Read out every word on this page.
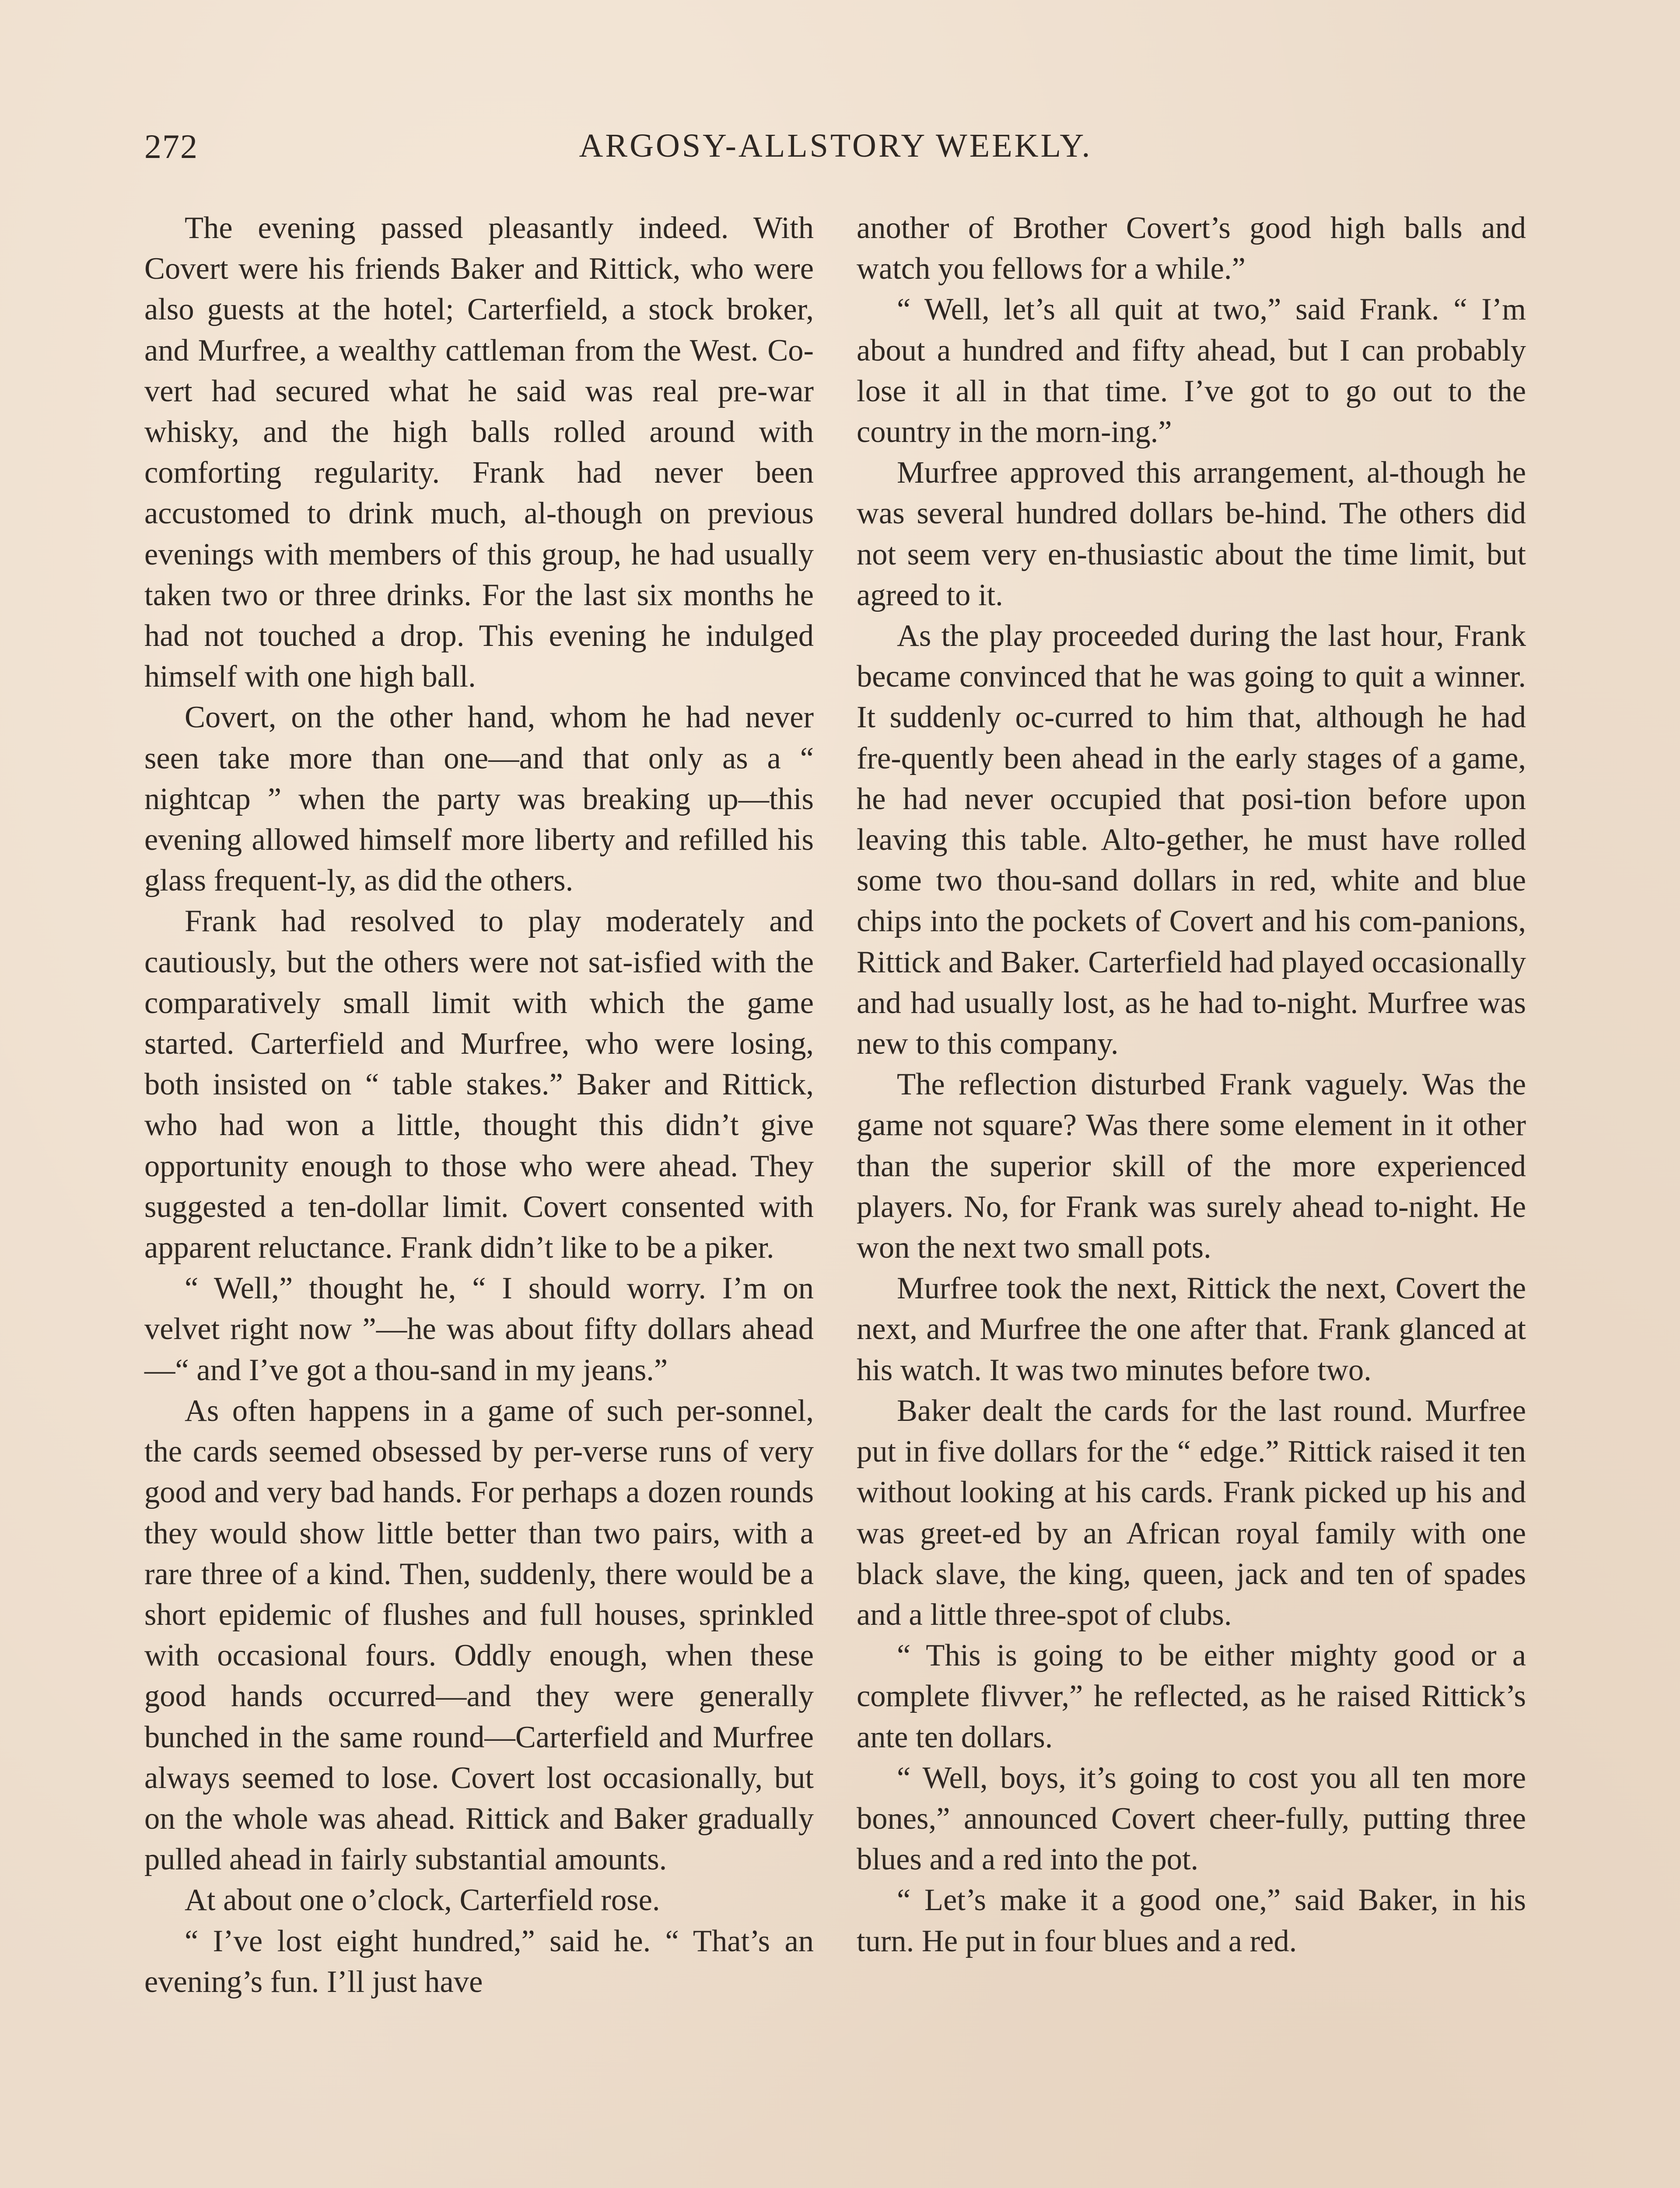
272	ARGOSY-ALLSTORY WEEKLY.

The evening passed pleasantly indeed. With Covert were his friends Baker and Rittick, who were also guests at the hotel; Carterfield, a stock broker, and Murfree, a wealthy cattleman from the West. Co-vert had secured what he said was real pre-war whisky, and the high balls rolled around with comforting regularity. Frank had never been accustomed to drink much, al-though on previous evenings with members of this group, he had usually taken two or three drinks. For the last six months he had not touched a drop. This evening he indulged himself with one high ball.

Covert, on the other hand, whom he had never seen take more than one—and that only as a “ nightcap ” when the party was breaking up—this evening allowed himself more liberty and refilled his glass frequent-ly, as did the others.

Frank had resolved to play moderately and cautiously, but the others were not sat-isfied with the comparatively small limit with which the game started. Carterfield and Murfree, who were losing, both insisted on “ table stakes.” Baker and Rittick, who had won a little, thought this didn’t give opportunity enough to those who were ahead. They suggested a ten-dollar limit. Covert consented with apparent reluctance. Frank didn’t like to be a piker.

“ Well,” thought he, “ I should worry. I’m on velvet right now ”—he was about fifty dollars ahead—“ and I’ve got a thou-sand in my jeans.”

As often happens in a game of such per-sonnel, the cards seemed obsessed by per-verse runs of very good and very bad hands. For perhaps a dozen rounds they would show little better than two pairs, with a rare three of a kind. Then, suddenly, there would be a short epidemic of flushes and full houses, sprinkled with occasional fours. Oddly enough, when these good hands occurred—and they were generally bunched in the same round—Carterfield and Murfree always seemed to lose. Covert lost occasionally, but on the whole was ahead. Rittick and Baker gradually pulled ahead in fairly substantial amounts.

At about one o’clock, Carterfield rose.

“ I’ve lost eight hundred,” said he. “ That’s an evening’s fun. I’ll just have

another of Brother Covert’s good high balls and watch you fellows for a while.”

“ Well, let’s all quit at two,” said Frank. “ I’m about a hundred and fifty ahead, but I can probably lose it all in that time. I’ve got to go out to the country in the morn-ing.”

Murfree approved this arrangement, al-though he was several hundred dollars be-hind. The others did not seem very en-thusiastic about the time limit, but agreed to it.

As the play proceeded during the last hour, Frank became convinced that he was going to quit a winner. It suddenly oc-curred to him that, although he had fre-quently been ahead in the early stages of a game, he had never occupied that posi-tion before upon leaving this table. Alto-gether, he must have rolled some two thou-sand dollars in red, white and blue chips into the pockets of Covert and his com-panions, Rittick and Baker. Carterfield had played occasionally and had usually lost, as he had to-night. Murfree was new to this company.

The reflection disturbed Frank vaguely. Was the game not square? Was there some element in it other than the superior skill of the more experienced players. No, for Frank was surely ahead to-night. He won the next two small pots.

Murfree took the next, Rittick the next, Covert the next, and Murfree the one after that. Frank glanced at his watch. It was two minutes before two.

Baker dealt the cards for the last round. Murfree put in five dollars for the “ edge.” Rittick raised it ten without looking at his cards. Frank picked up his and was greet-ed by an African royal family with one black slave, the king, queen, jack and ten of spades and a little three-spot of clubs.

“ This is going to be either mighty good or a complete flivver,” he reflected, as he raised Rittick’s ante ten dollars.

“ Well, boys, it’s going to cost you all ten more bones,” announced Covert cheer-fully, putting three blues and a red into the pot.

“ Let’s make it a good one,” said Baker, in his turn. He put in four blues and a red.
